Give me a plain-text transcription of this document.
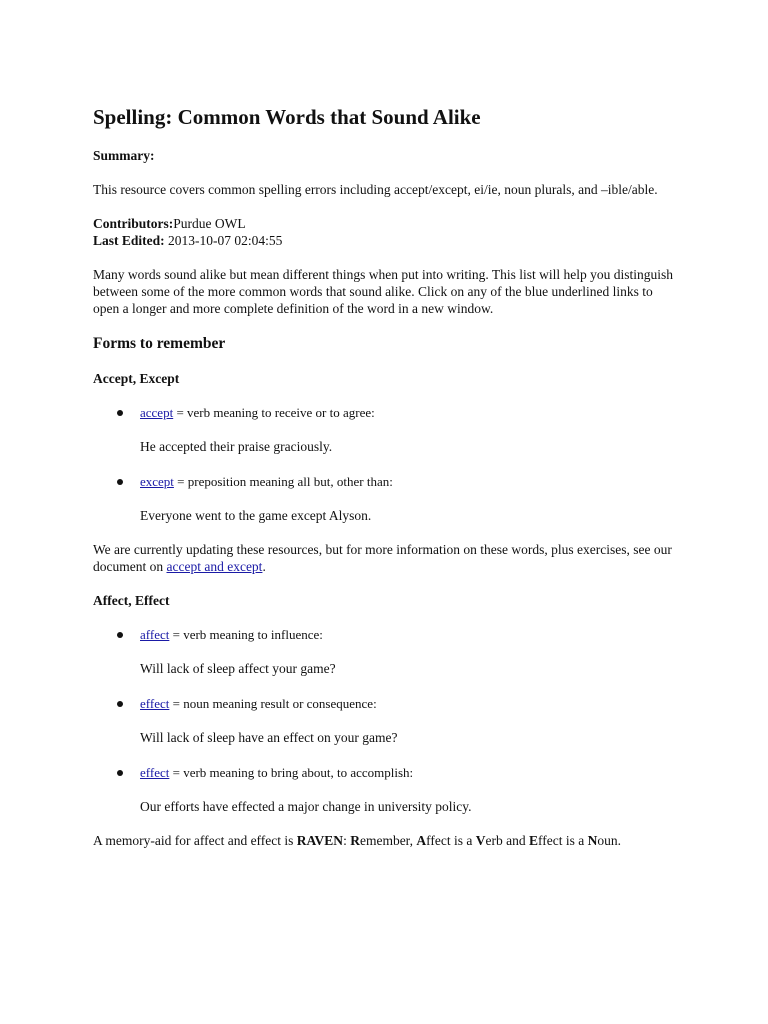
Spelling: Common Words that Sound Alike

Summary:

This resource covers common spelling errors including accept/except, ei/ie, noun plurals, and –ible/able.

Contributors:Purdue OWL
Last Edited: 2013-10-07 02:04:55

Many words sound alike but mean different things when put into writing. This list will help you distinguish between some of the more common words that sound alike. Click on any of the blue underlined links to open a longer and more complete definition of the word in a new window.

Forms to remember
Accept, Except
accept = verb meaning to receive or to agree:
He accepted their praise graciously.
except = preposition meaning all but, other than:
Everyone went to the game except Alyson.

We are currently updating these resources, but for more information on these words, plus exercises, see our document on accept and except.

Affect, Effect
affect = verb meaning to influence:
Will lack of sleep affect your game?
effect = noun meaning result or consequence:
Will lack of sleep have an effect on your game?
effect = verb meaning to bring about, to accomplish:
Our efforts have effected a major change in university policy.

A memory-aid for affect and effect is RAVEN: Remember, Affect is a Verb and Effect is a Noun.
